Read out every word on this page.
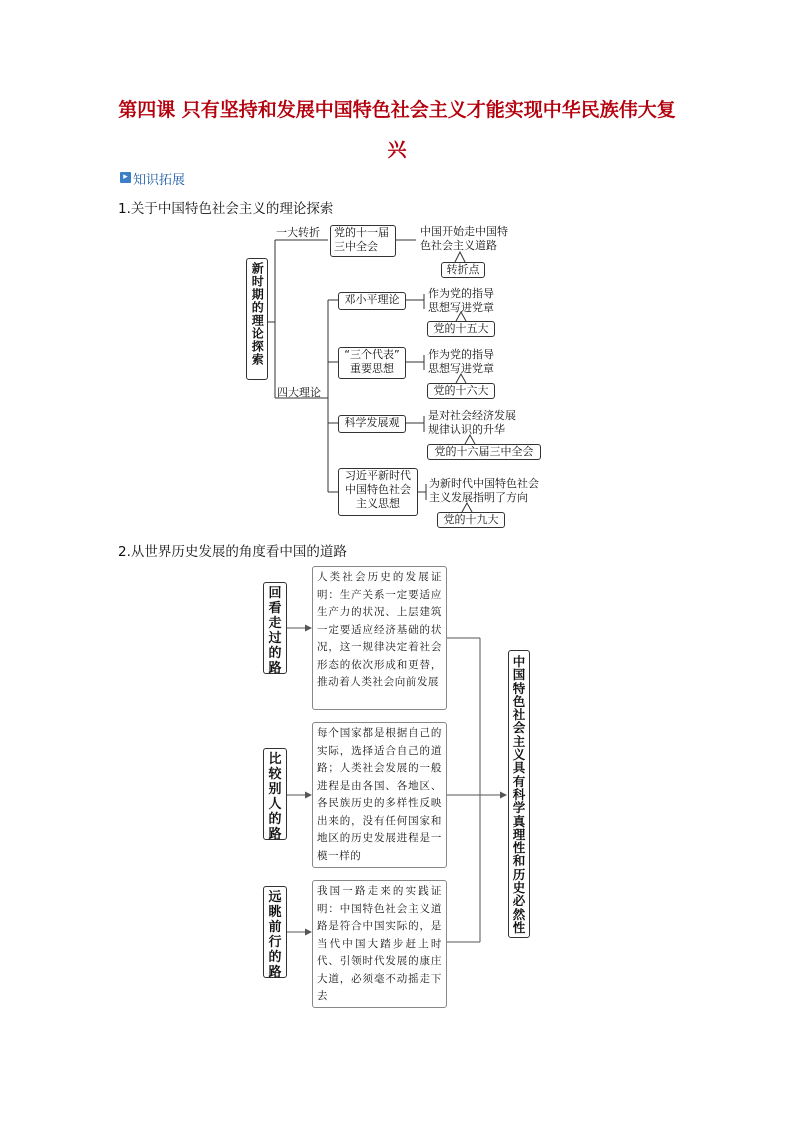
第四课 只有坚持和发展中国特色社会主义才能实现中华民族伟大复
兴
▸ 知识拓展
1.关于中国特色社会主义的理论探索
新时期的理论探索
一大转折
四大理论
党的十一届
三中全会
中国开始走中国特
色社会主义道路
转折点
邓小平理论	作为党的指导
思想写进党章
党的十五大
“三个代表”
重要思想
作为党的指导
思想写进党章
党的十六大
科学发展观
是对社会经济发展
规律认识的升华
党的十六届三中全会
习近平新时代
中国特色社会
主义思想
为新时代中国特色社会
主义发展指明了方向
党的十九大
2.从世界历史发展的角度看中国的道路
回
看
走
过
的
路
比
较
别
人
的
路
远
眺
前
行
的
路
人类社会历史的发展证明：生产关系一定要适应生产力的状况、上层建筑一定要适应经济基础的状况，这一规律决定着社会形态的依次形成和更替，推动着人类社会向前发展
每个国家都是根据自己的实际，选择适合自己的道路；人类社会发展的一般进程是由各国、各地区、各民族历史的多样性反映出来的，没有任何国家和地区的历史发展进程是一模一样的
我国一路走来的实践证明：中国特色社会主义道路是符合中国实际的，是当代中国大踏步赶上时代、引领时代发展的康庄大道，必须毫不动摇走下去
中
国
特
色
社
会
主
义
具
有
科
学
真
理
性
和
历
史
必
然
性
